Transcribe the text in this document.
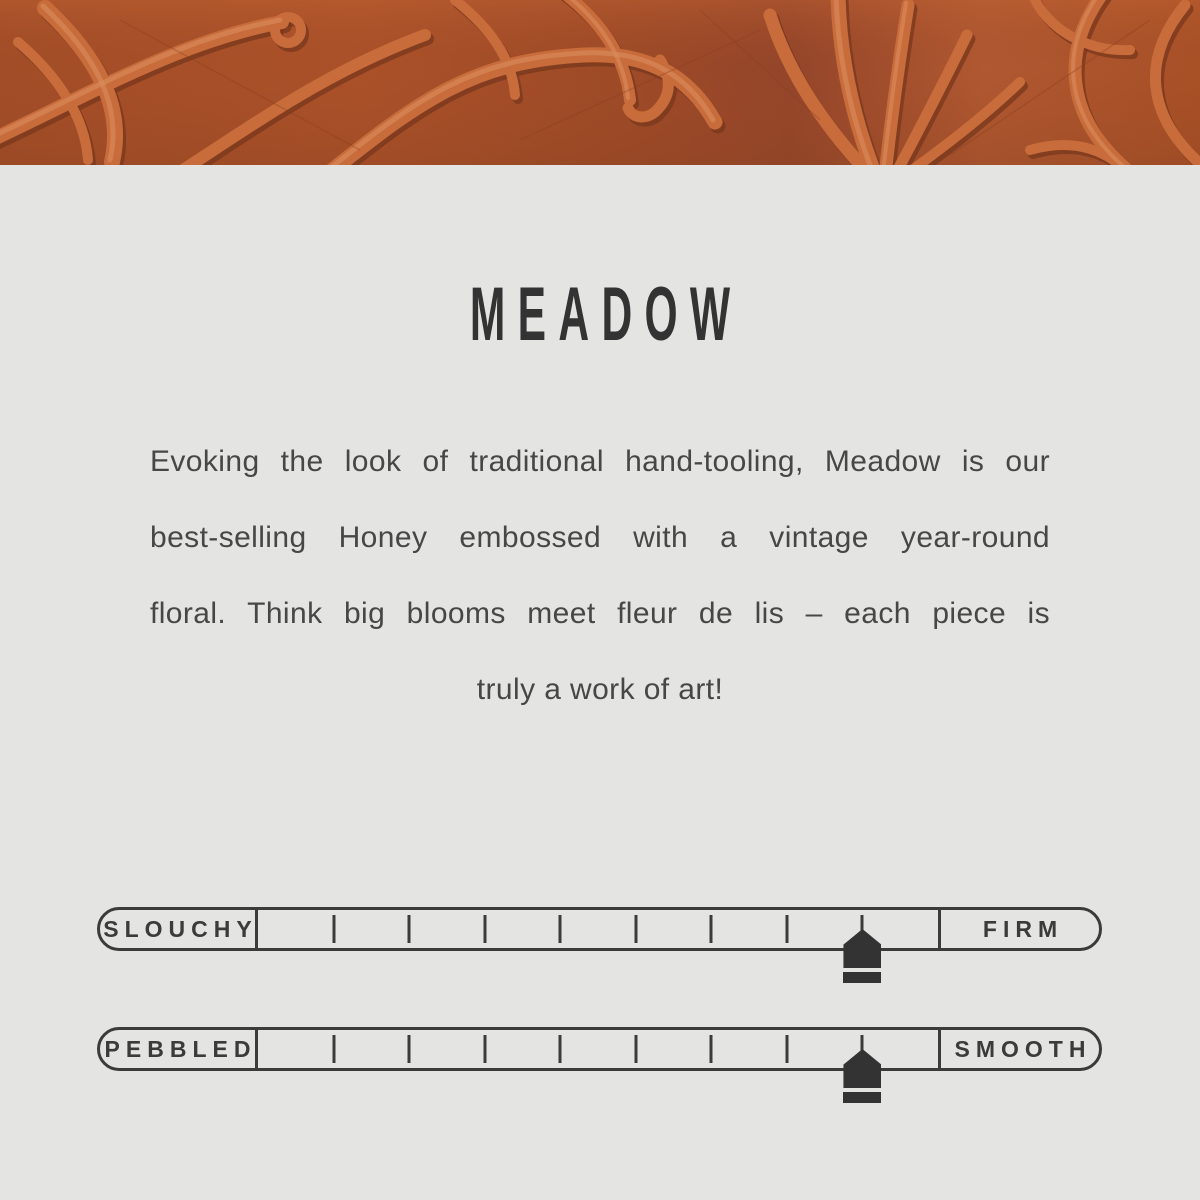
MEADOW
Evoking the look of traditional hand-tooling, Meadow is our
best-selling Honey embossed with a vintage year-round
floral. Think big blooms meet fleur de lis – each piece is
truly a work of art!
SLOUCHY	FIRM
PEBBLED	SMOOTH
